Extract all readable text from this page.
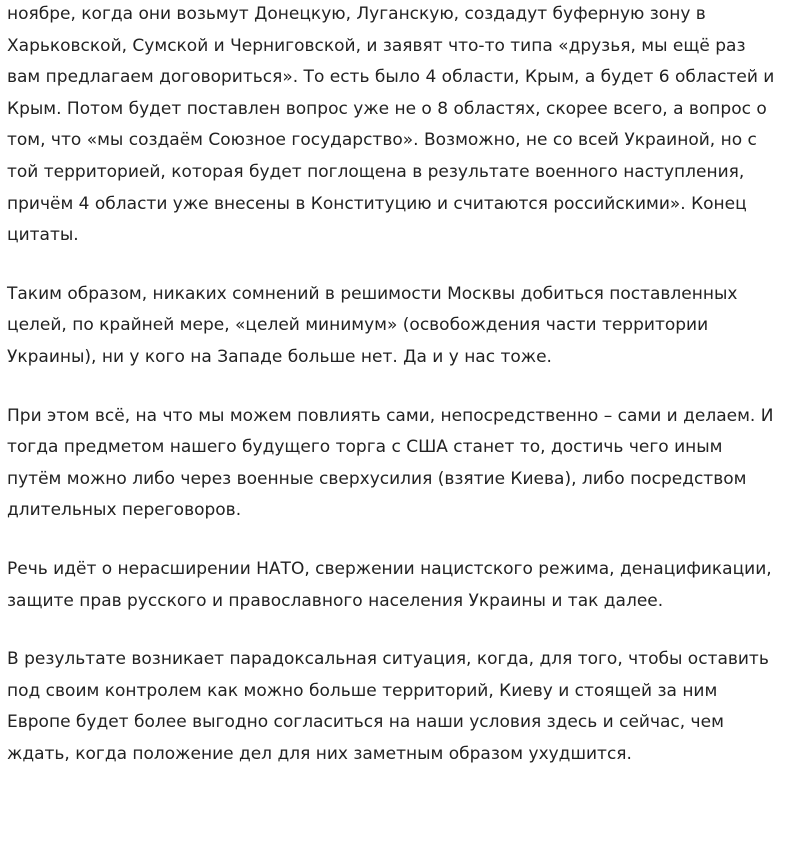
ноябре, когда они возьмут Донецкую, Луганскую, создадут буферную зону в Харьковской, Сумской и Черниговской, и заявят что-то типа «друзья, мы ещё раз вам предлагаем договориться». То есть было 4 области, Крым, а будет 6 областей и Крым. Потом будет поставлен вопрос уже не о 8 областях, скорее всего, а вопрос о том, что «мы создаём Союзное государство». Возможно, не со всей Украиной, но с той территорией, которая будет поглощена в результате военного наступления, причём 4 области уже внесены в Конституцию и считаются российскими». Конец цитаты.

Таким образом, никаких сомнений в решимости Москвы добиться поставленных целей, по крайней мере, «целей минимум» (освобождения части территории Украины), ни у кого на Западе больше нет. Да и у нас тоже.

При этом всё, на что мы можем повлиять сами, непосредственно – сами и делаем. И тогда предметом нашего будущего торга с США станет то, достичь чего иным путём можно либо через военные сверхусилия (взятие Киева), либо посредством длительных переговоров.

Речь идёт о нерасширении НАТО, свержении нацистского режима, денацификации, защите прав русского и православного населения Украины и так далее.

В результате возникает парадоксальная ситуация, когда, для того, чтобы оставить под своим контролем как можно больше территорий, Киеву и стоящей за ним Европе будет более выгодно согласиться на наши условия здесь и сейчас, чем ждать, когда положение дел для них заметным образом ухудшится.
